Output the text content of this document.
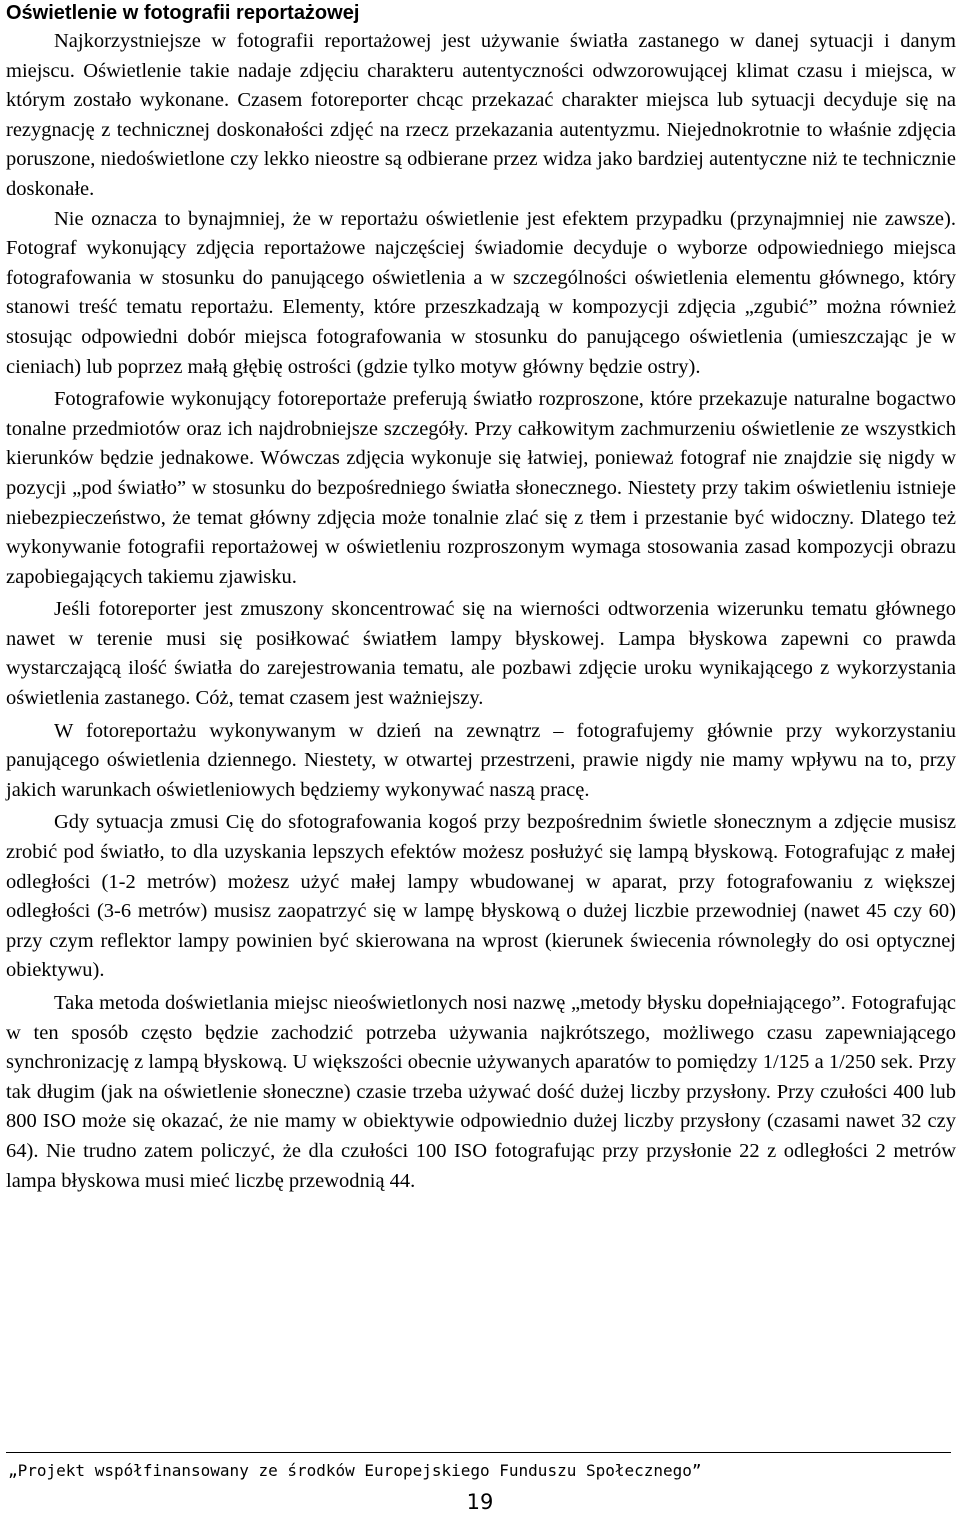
Oświetlenie w fotografii reportażowej

Najkorzystniejsze w fotografii reportażowej jest używanie światła zastanego w danej sytuacji i danym miejscu. Oświetlenie takie nadaje zdjęciu charakteru autentyczności odwzorowującej klimat czasu i miejsca, w którym zostało wykonane. Czasem fotoreporter chcąc przekazać charakter miejsca lub sytuacji decyduje się na rezygnację z technicznej doskonałości zdjęć na rzecz przekazania autentyzmu. Niejednokrotnie to właśnie zdjęcia poruszone, niedoświetlone czy lekko nieostre są odbierane przez widza jako bardziej autentyczne niż te technicznie doskonałe.

Nie oznacza to bynajmniej, że w reportażu oświetlenie jest efektem przypadku (przynajmniej nie zawsze). Fotograf wykonujący zdjęcia reportażowe najczęściej świadomie decyduje o wyborze odpowiedniego miejsca fotografowania w stosunku do panującego oświetlenia a w szczególności oświetlenia elementu głównego, który stanowi treść tematu reportażu. Elementy, które przeszkadzają w kompozycji zdjęcia „zgubić” można również stosując odpowiedni dobór miejsca fotografowania w stosunku do panującego oświetlenia (umieszczając je w cieniach) lub poprzez małą głębię ostrości (gdzie tylko motyw główny będzie ostry).

Fotografowie wykonujący fotoreportaże preferują światło rozproszone, które przekazuje naturalne bogactwo tonalne przedmiotów oraz ich najdrobniejsze szczegóły. Przy całkowitym zachmurzeniu oświetlenie ze wszystkich kierunków będzie jednakowe. Wówczas zdjęcia wykonuje się łatwiej, ponieważ fotograf nie znajdzie się nigdy w pozycji „pod światło” w stosunku do bezpośredniego światła słonecznego. Niestety przy takim oświetleniu istnieje niebezpieczeństwo, że temat główny zdjęcia może tonalnie zlać się z tłem i przestanie być widoczny. Dlatego też wykonywanie fotografii reportażowej w oświetleniu rozproszonym wymaga stosowania zasad kompozycji obrazu zapobiegających takiemu zjawisku.

Jeśli fotoreporter jest zmuszony skoncentrować się na wierności odtworzenia wizerunku tematu głównego nawet w terenie musi się posiłkować światłem lampy błyskowej. Lampa błyskowa zapewni co prawda wystarczającą ilość światła do zarejestrowania tematu, ale pozbawi zdjęcie uroku wynikającego z wykorzystania oświetlenia zastanego. Cóż, temat czasem jest ważniejszy.

W fotoreportażu wykonywanym w dzień na zewnątrz – fotografujemy głównie przy wykorzystaniu panującego oświetlenia dziennego. Niestety, w otwartej przestrzeni, prawie nigdy nie mamy wpływu na to, przy jakich warunkach oświetleniowych będziemy wykonywać naszą pracę.

Gdy sytuacja zmusi Cię do sfotografowania kogoś przy bezpośrednim świetle słonecznym a zdjęcie musisz zrobić pod światło, to dla uzyskania lepszych efektów możesz posłużyć się lampą błyskową. Fotografując z małej odległości (1-2 metrów) możesz użyć małej lampy wbudowanej w aparat, przy fotografowaniu z większej odległości (3-6 metrów) musisz zaopatrzyć się w lampę błyskową o dużej liczbie przewodniej (nawet 45 czy 60) przy czym reflektor lampy powinien być skierowana na wprost (kierunek świecenia równoległy do osi optycznej obiektywu).

Taka metoda doświetlania miejsc nieoświetlonych nosi nazwę „metody błysku dopełniającego”. Fotografując w ten sposób często będzie zachodzić potrzeba używania najkrótszego, możliwego czasu zapewniającego synchronizację z lampą błyskową. U większości obecnie używanych aparatów to pomiędzy 1/125 a 1/250 sek. Przy tak długim (jak na oświetlenie słoneczne) czasie trzeba używać dość dużej liczby przysłony. Przy czułości 400 lub 800 ISO może się okazać, że nie mamy w obiektywie odpowiednio dużej liczby przysłony (czasami nawet 32 czy 64). Nie trudno zatem policzyć, że dla czułości 100 ISO fotografując przy przysłonie 22 z odległości 2 metrów lampa błyskowa musi mieć liczbę przewodnią 44.

„Projekt współfinansowany ze środków Europejskiego Funduszu Społecznego”
19
